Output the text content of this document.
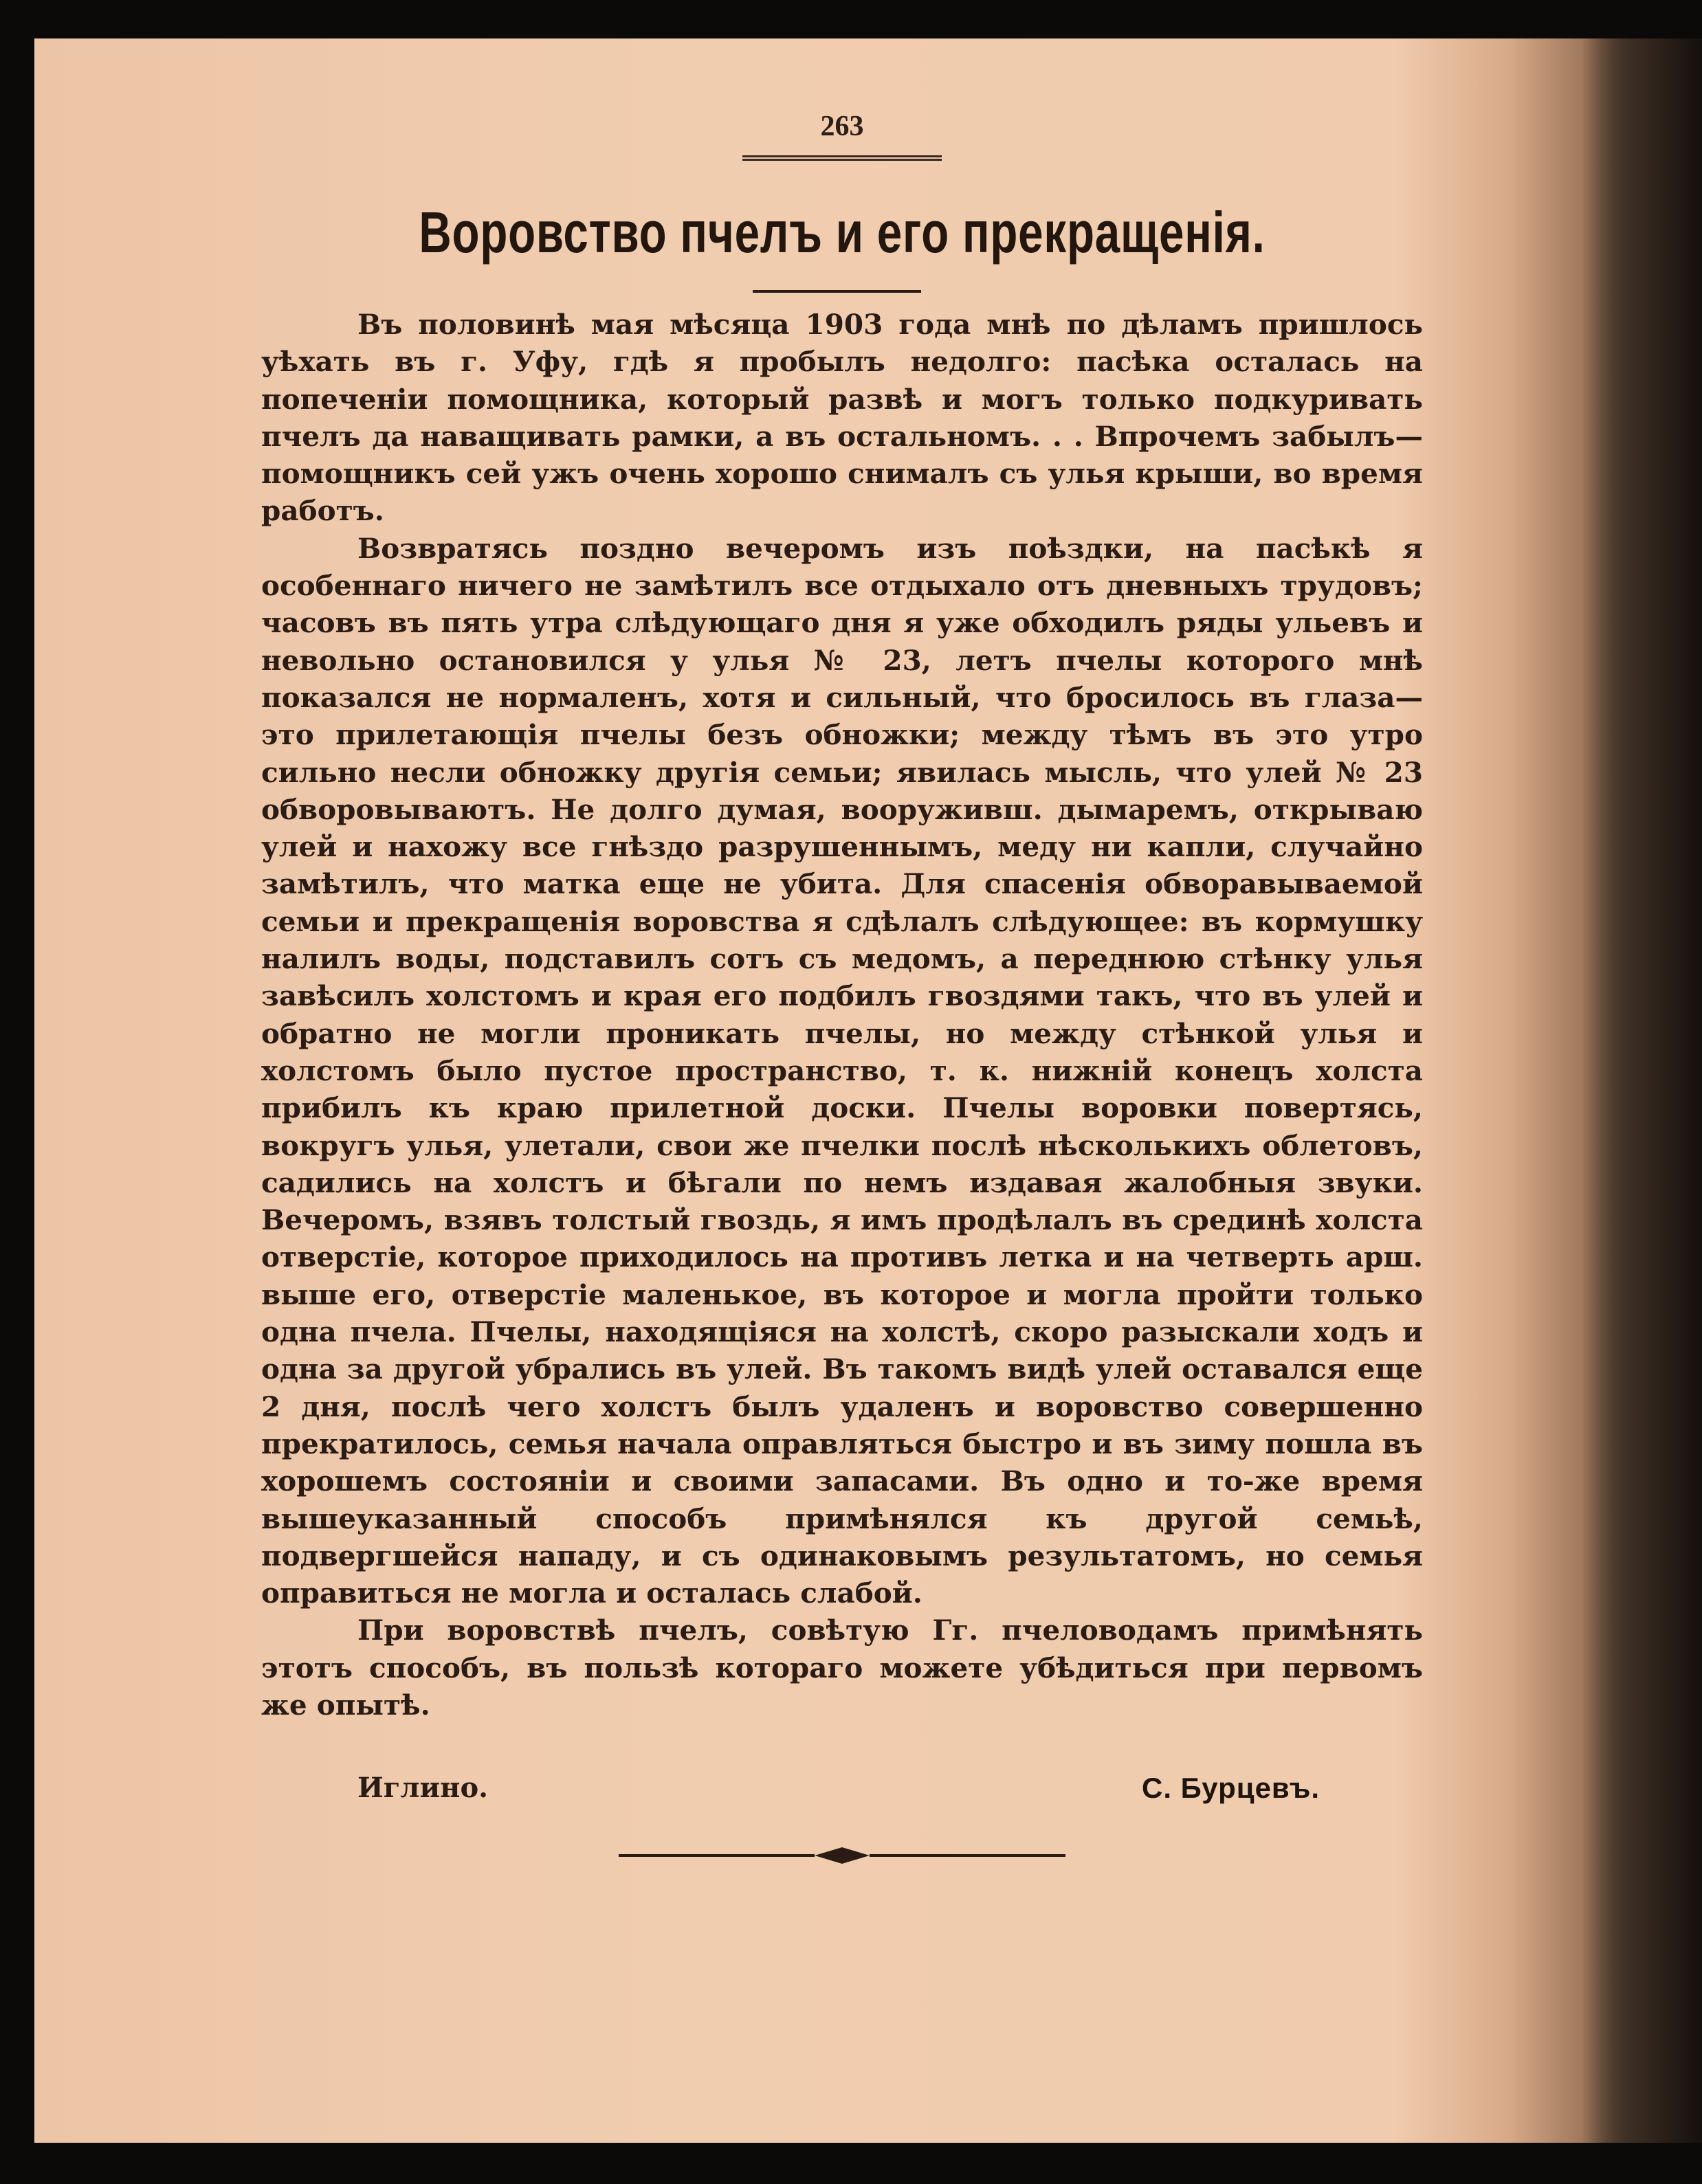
263
Воровство пчелъ и его прекращенія.

Въ половинѣ мая мѣсяца 1903 года мнѣ по дѣламъ пришлось уѣхать въ г. Уфу, гдѣ я пробылъ недолго: пасѣка осталась на попеченіи помощника, который развѣ и могъ только подкуривать пчелъ да наващивать рамки, а въ остальномъ. . . Впрочемъ забылъ—помощникъ сей ужъ очень хорошо снималъ съ улья крыши, во время работъ.

Возвратясь поздно вечеромъ изъ поѣздки, на пасѣкѣ я особеннаго ничего не замѣтилъ все отдыхало отъ дневныхъ трудовъ; часовъ въ пять утра слѣдующаго дня я уже обходилъ ряды ульевъ и невольно остановился у улья № 23, летъ пчелы которого мнѣ показался не нормаленъ, хотя и сильный, что бросилось въ глаза—это прилетающія пчелы безъ обножки; между тѣмъ въ это утро сильно несли обножку другія семьи; явилась мысль, что улей № 23 обворовываютъ. Не долго думая, вооруживш. дымаремъ, открываю улей и нахожу все гнѣздо разрушеннымъ, меду ни капли, случайно замѣтилъ, что матка еще не убита. Для спасенія обворавываемой семьи и прекращенія воровства я сдѣлалъ слѣдующее: въ кормушку налилъ воды, подставилъ сотъ съ медомъ, а переднюю стѣнку улья завѣсилъ холстомъ и края его подбилъ гвоздями такъ, что въ улей и обратно не могли проникать пчелы, но между стѣнкой улья и холстомъ было пустое пространство, т. к. нижній конецъ холста прибилъ къ краю прилетной доски. Пчелы воровки повертясь, вокругъ улья, улетали, свои же пчелки послѣ нѣсколькихъ облетовъ, садились на холстъ и бѣгали по немъ издавая жалобныя звуки. Вечеромъ, взявъ толстый гвоздь, я имъ продѣлалъ въ срединѣ холста отверстіе, которое приходилось на противъ летка и на четверть арш. выше его, отверстіе маленькое, въ которое и могла пройти только одна пчела. Пчелы, находящіяся на холстѣ, скоро разыскали ходъ и одна за другой убрались въ улей. Въ такомъ видѣ улей оставался еще 2 дня, послѣ чего холстъ былъ удаленъ и воровство совершенно прекратилось, семья начала оправляться быстро и въ зиму пошла въ хорошемъ состояніи и своими запасами. Въ одно и то-же время вышеуказанный способъ примѣнялся къ другой семьѣ, подвергшейся нападу, и съ одинаковымъ результатомъ, но семья оправиться не могла и осталась слабой.

При воровствѣ пчелъ, совѣтую Гг. пчеловодамъ примѣнять этотъ способъ, въ пользѣ котораго можете убѣдиться при первомъ же опытѣ.

Иглино.	С. Бурцевъ.
